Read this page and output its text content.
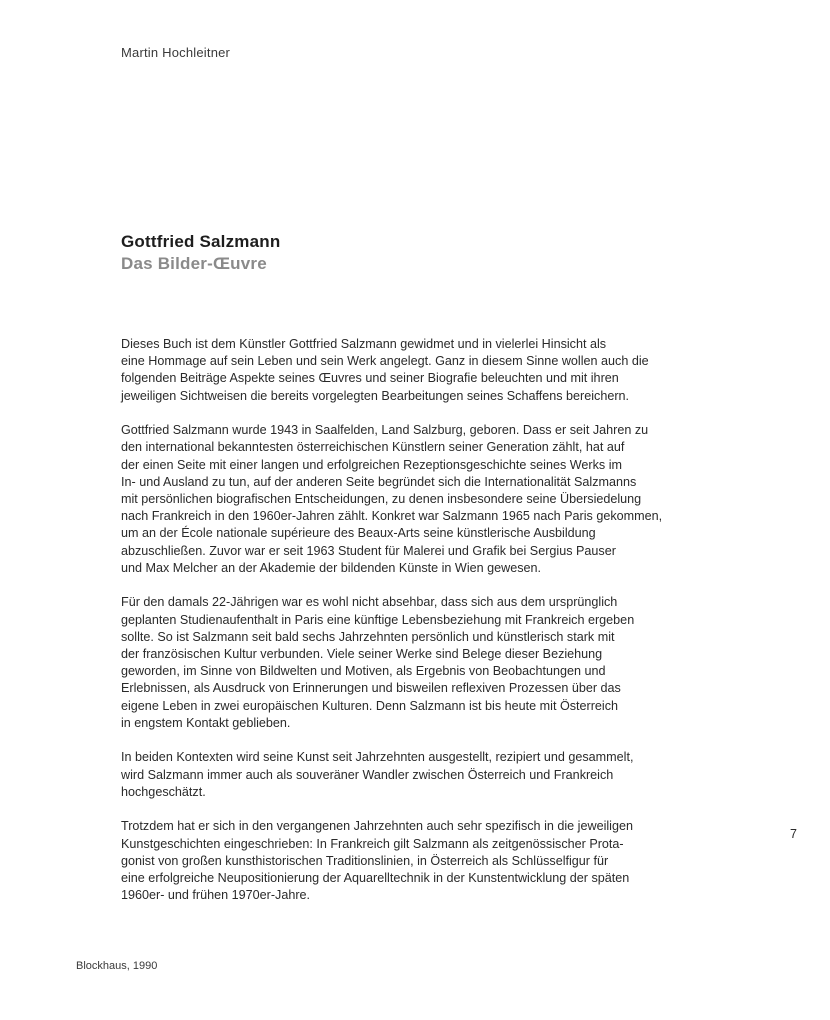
Martin Hochleitner
Gottfried Salzmann
Das Bilder-Œuvre
Dieses Buch ist dem Künstler Gottfried Salzmann gewidmet und in vielerlei Hinsicht als
eine Hommage auf sein Leben und sein Werk angelegt. Ganz in diesem Sinne wollen auch die
folgenden Beiträge Aspekte seines Œuvres und seiner Biografie beleuchten und mit ihren
jeweiligen Sichtweisen die bereits vorgelegten Bearbeitungen seines Schaffens bereichern.
Gottfried Salzmann wurde 1943 in Saalfelden, Land Salzburg, geboren. Dass er seit Jahren zu
den international bekanntesten österreichischen Künstlern seiner Generation zählt, hat auf
der einen Seite mit einer langen und erfolgreichen Rezeptionsgeschichte seines Werks im
In- und Ausland zu tun, auf der anderen Seite begründet sich die Internationalität Salzmanns
mit persönlichen biografischen Entscheidungen, zu denen insbesondere seine Übersiedelung
nach Frankreich in den 1960er-Jahren zählt. Konkret war Salzmann 1965 nach Paris gekommen,
um an der École nationale supérieure des Beaux-Arts seine künstlerische Ausbildung
abzuschließen. Zuvor war er seit 1963 Student für Malerei und Grafik bei Sergius Pauser
und Max Melcher an der Akademie der bildenden Künste in Wien gewesen.
Für den damals 22-Jährigen war es wohl nicht absehbar, dass sich aus dem ursprünglich
geplanten Studienaufenthalt in Paris eine künftige Lebensbeziehung mit Frankreich ergeben
sollte. So ist Salzmann seit bald sechs Jahrzehnten persönlich und künstlerisch stark mit
der französischen Kultur verbunden. Viele seiner Werke sind Belege dieser Beziehung
geworden, im Sinne von Bildwelten und Motiven, als Ergebnis von Beobachtungen und
Erlebnissen, als Ausdruck von Erinnerungen und bisweilen reflexiven Prozessen über das
eigene Leben in zwei europäischen Kulturen. Denn Salzmann ist bis heute mit Österreich
in engstem Kontakt geblieben.
In beiden Kontexten wird seine Kunst seit Jahrzehnten ausgestellt, rezipiert und gesammelt,
wird Salzmann immer auch als souveräner Wandler zwischen Österreich und Frankreich
hochgeschätzt.
Trotzdem hat er sich in den vergangenen Jahrzehnten auch sehr spezifisch in die jeweiligen
Kunstgeschichten eingeschrieben: In Frankreich gilt Salzmann als zeitgenössischer Prota-
gonist von großen kunsthistorischen Traditionslinien, in Österreich als Schlüsselfigur für
eine erfolgreiche Neupositionierung der Aquarelltechnik in der Kunstentwicklung der späten
1960er- und frühen 1970er-Jahre.
7
Blockhaus, 1990
